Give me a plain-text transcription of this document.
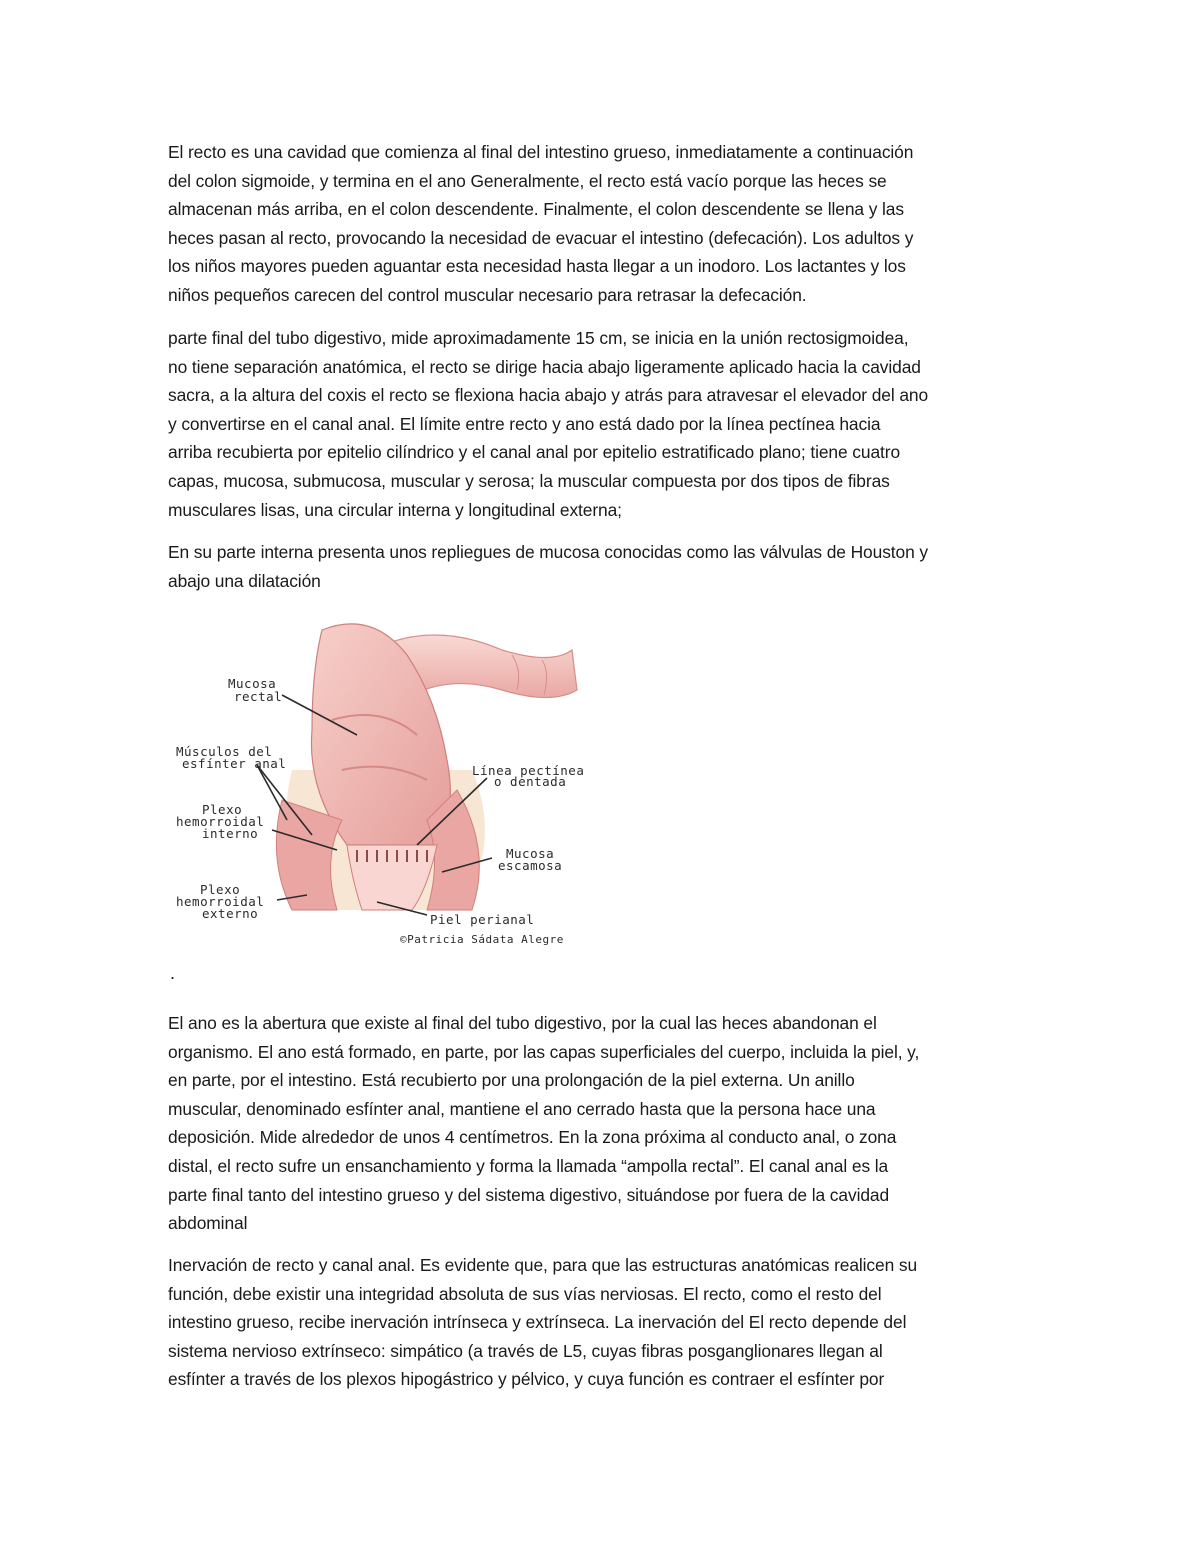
El recto es una cavidad que comienza al final del intestino grueso, inmediatamente a continuación

del colon sigmoide, y termina en el ano Generalmente, el recto está vacío porque las heces se

almacenan más arriba, en el colon descendente. Finalmente, el colon descendente se llena y las

heces pasan al recto, provocando la necesidad de evacuar el intestino (defecación). Los adultos y

los niños mayores pueden aguantar esta necesidad hasta llegar a un inodoro. Los lactantes y los

niños pequeños carecen del control muscular necesario para retrasar la defecación.

parte final del tubo digestivo, mide aproximadamente 15 cm, se inicia en la unión rectosigmoidea,

no tiene separación anatómica, el recto se dirige hacia abajo ligeramente aplicado hacia la cavidad

sacra, a la altura del coxis el recto se flexiona hacia abajo y atrás para atravesar el elevador del ano

y convertirse en el canal anal. El límite entre recto y ano está dado por la línea pectínea hacia

arriba recubierta por epitelio cilíndrico y el canal anal por epitelio estratificado plano; tiene cuatro

capas, mucosa, submucosa, muscular y serosa; la muscular compuesta por dos tipos de fibras

musculares lisas, una circular interna y longitudinal externa;

En su parte interna presenta unos repliegues de mucosa conocidas como las válvulas de Houston y

abajo una dilatación

Mucosa
rectal
Músculos del
esfínter anal
Plexo
hemorroidal
interno
Plexo
hemorroidal
externo
Línea pectínea
o dentada
Mucosa
escamosa
Piel perianal
©Patricia Sádata Alegre
.

El ano es la abertura que existe al final del tubo digestivo, por la cual las heces abandonan el

organismo. El ano está formado, en parte, por las capas superficiales del cuerpo, incluida la piel, y,

en parte, por el intestino. Está recubierto por una prolongación de la piel externa. Un anillo

muscular, denominado esfínter anal, mantiene el ano cerrado hasta que la persona hace una

deposición. Mide alrededor de unos 4 centímetros. En la zona próxima al conducto anal, o zona

distal, el recto sufre un ensanchamiento y forma la llamada “ampolla rectal”. El canal anal es la

parte final tanto del intestino grueso y del sistema digestivo, situándose por fuera de la cavidad

abdominal

Inervación de recto y canal anal. Es evidente que, para que las estructuras anatómicas realicen su

función, debe existir una integridad absoluta de sus vías nerviosas. El recto, como el resto del

intestino grueso, recibe inervación intrínseca y extrínseca. La inervación del El recto depende del

sistema nervioso extrínseco: simpático (a través de L5, cuyas fibras posganglionares llegan al

esfínter a través de los plexos hipogástrico y pélvico, y cuya función es contraer el esfínter por
